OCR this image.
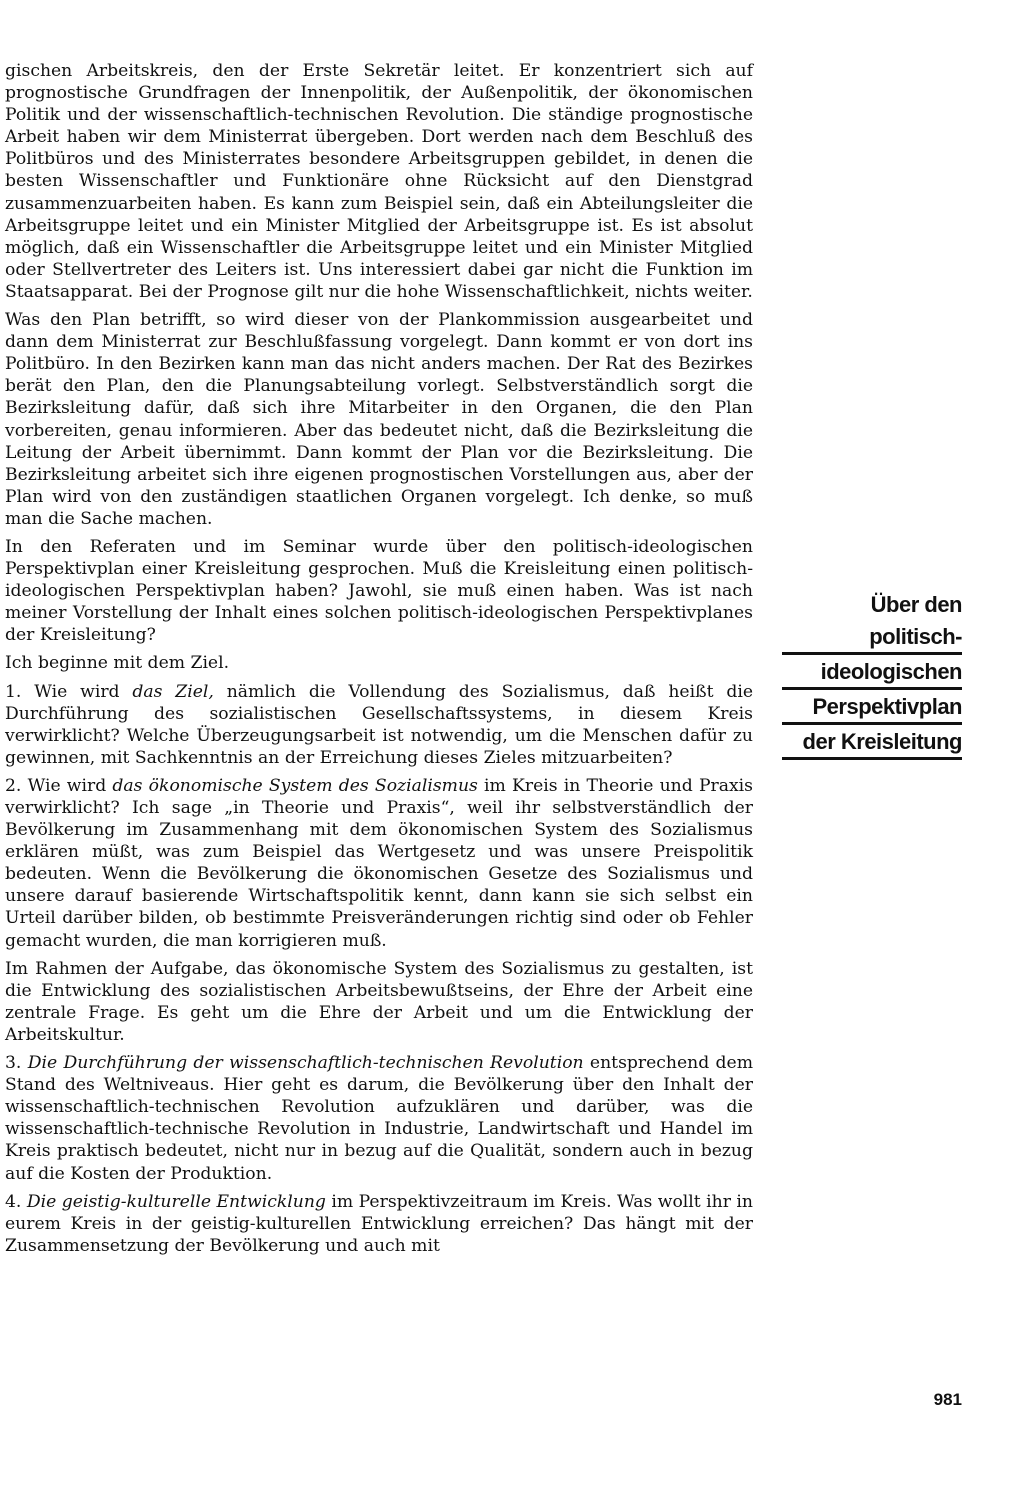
gischen Arbeitskreis, den der Erste Sekretär leitet. Er konzentriert sich auf prognostische Grundfragen der Innenpolitik, der Außenpolitik, der ökonomischen Politik und der wissenschaftlich-technischen Revolution. Die ständige prognostische Arbeit haben wir dem Ministerrat übergeben. Dort werden nach dem Beschluß des Politbüros und des Ministerrates besondere Arbeitsgruppen gebildet, in denen die besten Wissenschaftler und Funktionäre ohne Rücksicht auf den Dienstgrad zusammenzuarbeiten haben. Es kann zum Beispiel sein, daß ein Abteilungsleiter die Arbeitsgruppe leitet und ein Minister Mitglied der Arbeitsgruppe ist. Es ist absolut möglich, daß ein Wissenschaftler die Arbeitsgruppe leitet und ein Minister Mitglied oder Stellvertreter des Leiters ist. Uns interessiert dabei gar nicht die Funktion im Staatsapparat. Bei der Prognose gilt nur die hohe Wissenschaftlichkeit, nichts weiter.

Was den Plan betrifft, so wird dieser von der Plankommission ausgearbeitet und dann dem Ministerrat zur Beschlußfassung vorgelegt. Dann kommt er von dort ins Politbüro. In den Bezirken kann man das nicht anders machen. Der Rat des Bezirkes berät den Plan, den die Planungsabteilung vorlegt. Selbstverständlich sorgt die Bezirksleitung dafür, daß sich ihre Mitarbeiter in den Organen, die den Plan vorbereiten, genau informieren. Aber das bedeutet nicht, daß die Bezirksleitung die Leitung der Arbeit übernimmt. Dann kommt der Plan vor die Bezirksleitung. Die Bezirksleitung arbeitet sich ihre eigenen prognostischen Vorstellungen aus, aber der Plan wird von den zuständigen staatlichen Organen vorgelegt. Ich denke, so muß man die Sache machen.

In den Referaten und im Seminar wurde über den politisch-ideologischen Perspektivplan einer Kreisleitung gesprochen. Muß die Kreisleitung einen politisch-ideologischen Perspektivplan haben? Jawohl, sie muß einen haben. Was ist nach meiner Vorstellung der Inhalt eines solchen politisch-ideologischen Perspektivplanes der Kreisleitung?

Ich beginne mit dem Ziel.

1. Wie wird das Ziel, nämlich die Vollendung des Sozialismus, daß heißt die Durchführung des sozialistischen Gesellschaftssystems, in diesem Kreis verwirklicht? Welche Überzeugungsarbeit ist notwendig, um die Menschen dafür zu gewinnen, mit Sachkenntnis an der Erreichung dieses Zieles mitzuarbeiten?

2. Wie wird das ökonomische System des Sozialismus im Kreis in Theorie und Praxis verwirklicht? Ich sage „in Theorie und Praxis“, weil ihr selbstverständlich der Bevölkerung im Zusammenhang mit dem ökonomischen System des Sozialismus erklären müßt, was zum Beispiel das Wertgesetz und was unsere Preispolitik bedeuten. Wenn die Bevölkerung die ökonomischen Gesetze des Sozialismus und unsere darauf basierende Wirtschaftspolitik kennt, dann kann sie sich selbst ein Urteil darüber bilden, ob bestimmte Preisveränderungen richtig sind oder ob Fehler gemacht wurden, die man korrigieren muß.

Im Rahmen der Aufgabe, das ökonomische System des Sozialismus zu gestalten, ist die Entwicklung des sozialistischen Arbeitsbewußtseins, der Ehre der Arbeit eine zentrale Frage. Es geht um die Ehre der Arbeit und um die Entwicklung der Arbeitskultur.

3. Die Durchführung der wissenschaftlich-technischen Revolution entsprechend dem Stand des Weltniveaus. Hier geht es darum, die Bevölkerung über den Inhalt der wissenschaftlich-technischen Revolution aufzuklären und darüber, was die wissenschaftlich-technische Revolution in Industrie, Landwirtschaft und Handel im Kreis praktisch bedeutet, nicht nur in bezug auf die Qualität, sondern auch in bezug auf die Kosten der Produktion.

4. Die geistig-kulturelle Entwicklung im Perspektivzeitraum im Kreis. Was wollt ihr in eurem Kreis in der geistig-kulturellen Entwicklung erreichen? Das hängt mit der Zusammensetzung der Bevölkerung und auch mit

Über den
politisch-
ideologischen
Perspektivplan
der Kreisleitung
981
